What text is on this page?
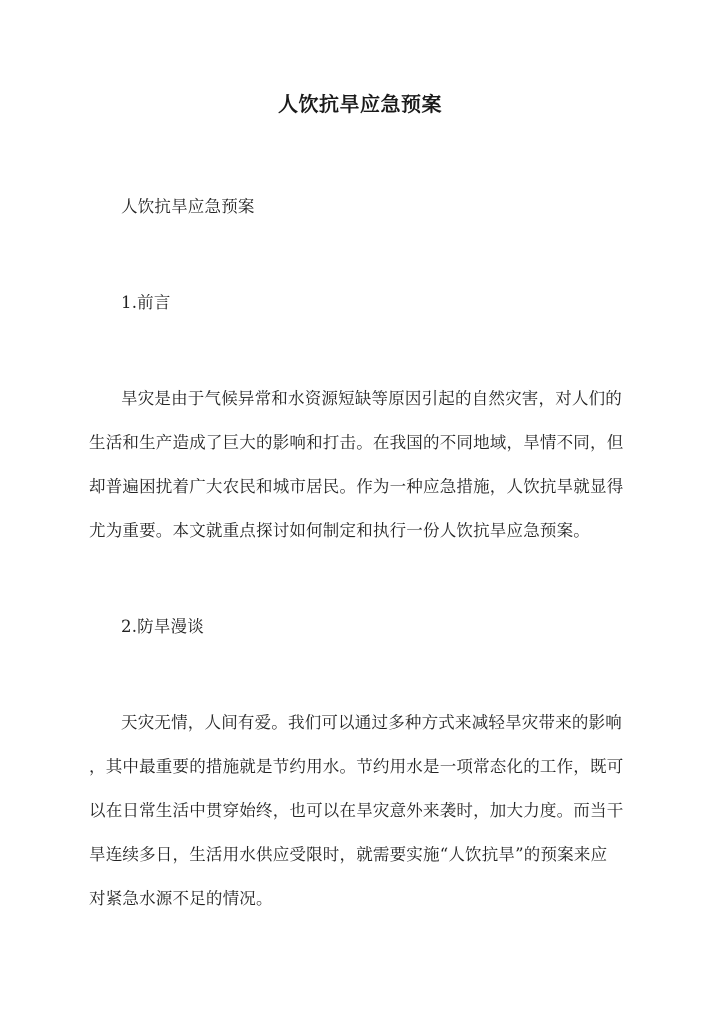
人饮抗旱应急预案
人饮抗旱应急预案
1.前言
旱灾是由于气候异常和水资源短缺等原因引起的自然灾害，对人们的
生活和生产造成了巨大的影响和打击。在我国的不同地域，旱情不同，但
却普遍困扰着广大农民和城市居民。作为一种应急措施，人饮抗旱就显得
尤为重要。本文就重点探讨如何制定和执行一份人饮抗旱应急预案。
2.防旱漫谈
天灾无情，人间有爱。我们可以通过多种方式来减轻旱灾带来的影响
，其中最重要的措施就是节约用水。节约用水是一项常态化的工作，既可
以在日常生活中贯穿始终，也可以在旱灾意外来袭时，加大力度。而当干
旱连续多日，生活用水供应受限时，就需要实施“人饮抗旱”的预案来应
对紧急水源不足的情况。
